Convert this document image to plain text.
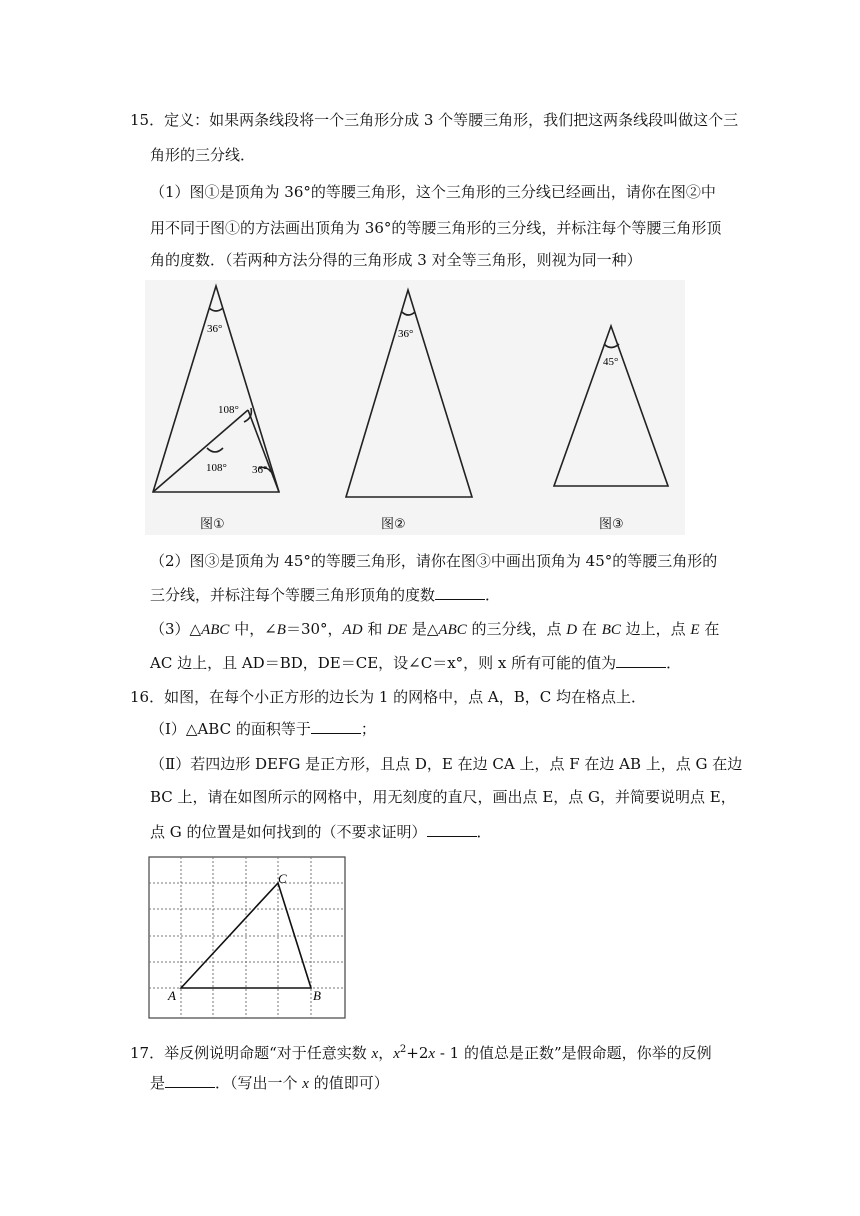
15．定义：如果两条线段将一个三角形分成 3 个等腰三角形，我们把这两条线段叫做这个三
角形的三分线．
（1）图①是顶角为 36°的等腰三角形，这个三角形的三分线已经画出，请你在图②中
用不同于图①的方法画出顶角为 36°的等腰三角形的三分线，并标注每个等腰三角形顶
角的度数．（若两种方法分得的三角形成 3 对全等三角形，则视为同一种）
36°
108°
108° 36°
36°
45°
图①	图②	图③
（2）图③是顶角为 45°的等腰三角形，请你在图③中画出顶角为 45°的等腰三角形的
三分线，并标注每个等腰三角形顶角的度数	．
（3）△ABC 中，∠B＝30°，AD 和 DE 是△ABC 的三分线，点 D 在 BC 边上，点 E 在
AC 边上，且 AD＝BD，DE＝CE，设∠C＝x°，则 x 所有可能的值为	．
16．如图，在每个小正方形的边长为 1 的网格中，点 A，B，C 均在格点上．
（Ⅰ）△ABC 的面积等于	；
（Ⅱ）若四边形 DEFG 是正方形，且点 D，E 在边 CA 上，点 F 在边 AB 上，点 G 在边
BC 上，请在如图所示的网格中，用无刻度的直尺，画出点 E，点 G，并简要说明点 E，
点 G 的位置是如何找到的（不要求证明）	．
A	B
C
17．举反例说明命题“对于任意实数 x，$x^2+2x - 1$ 的值总是正数”是假命题，你举的反例
是	．（写出一个 x 的值即可）
